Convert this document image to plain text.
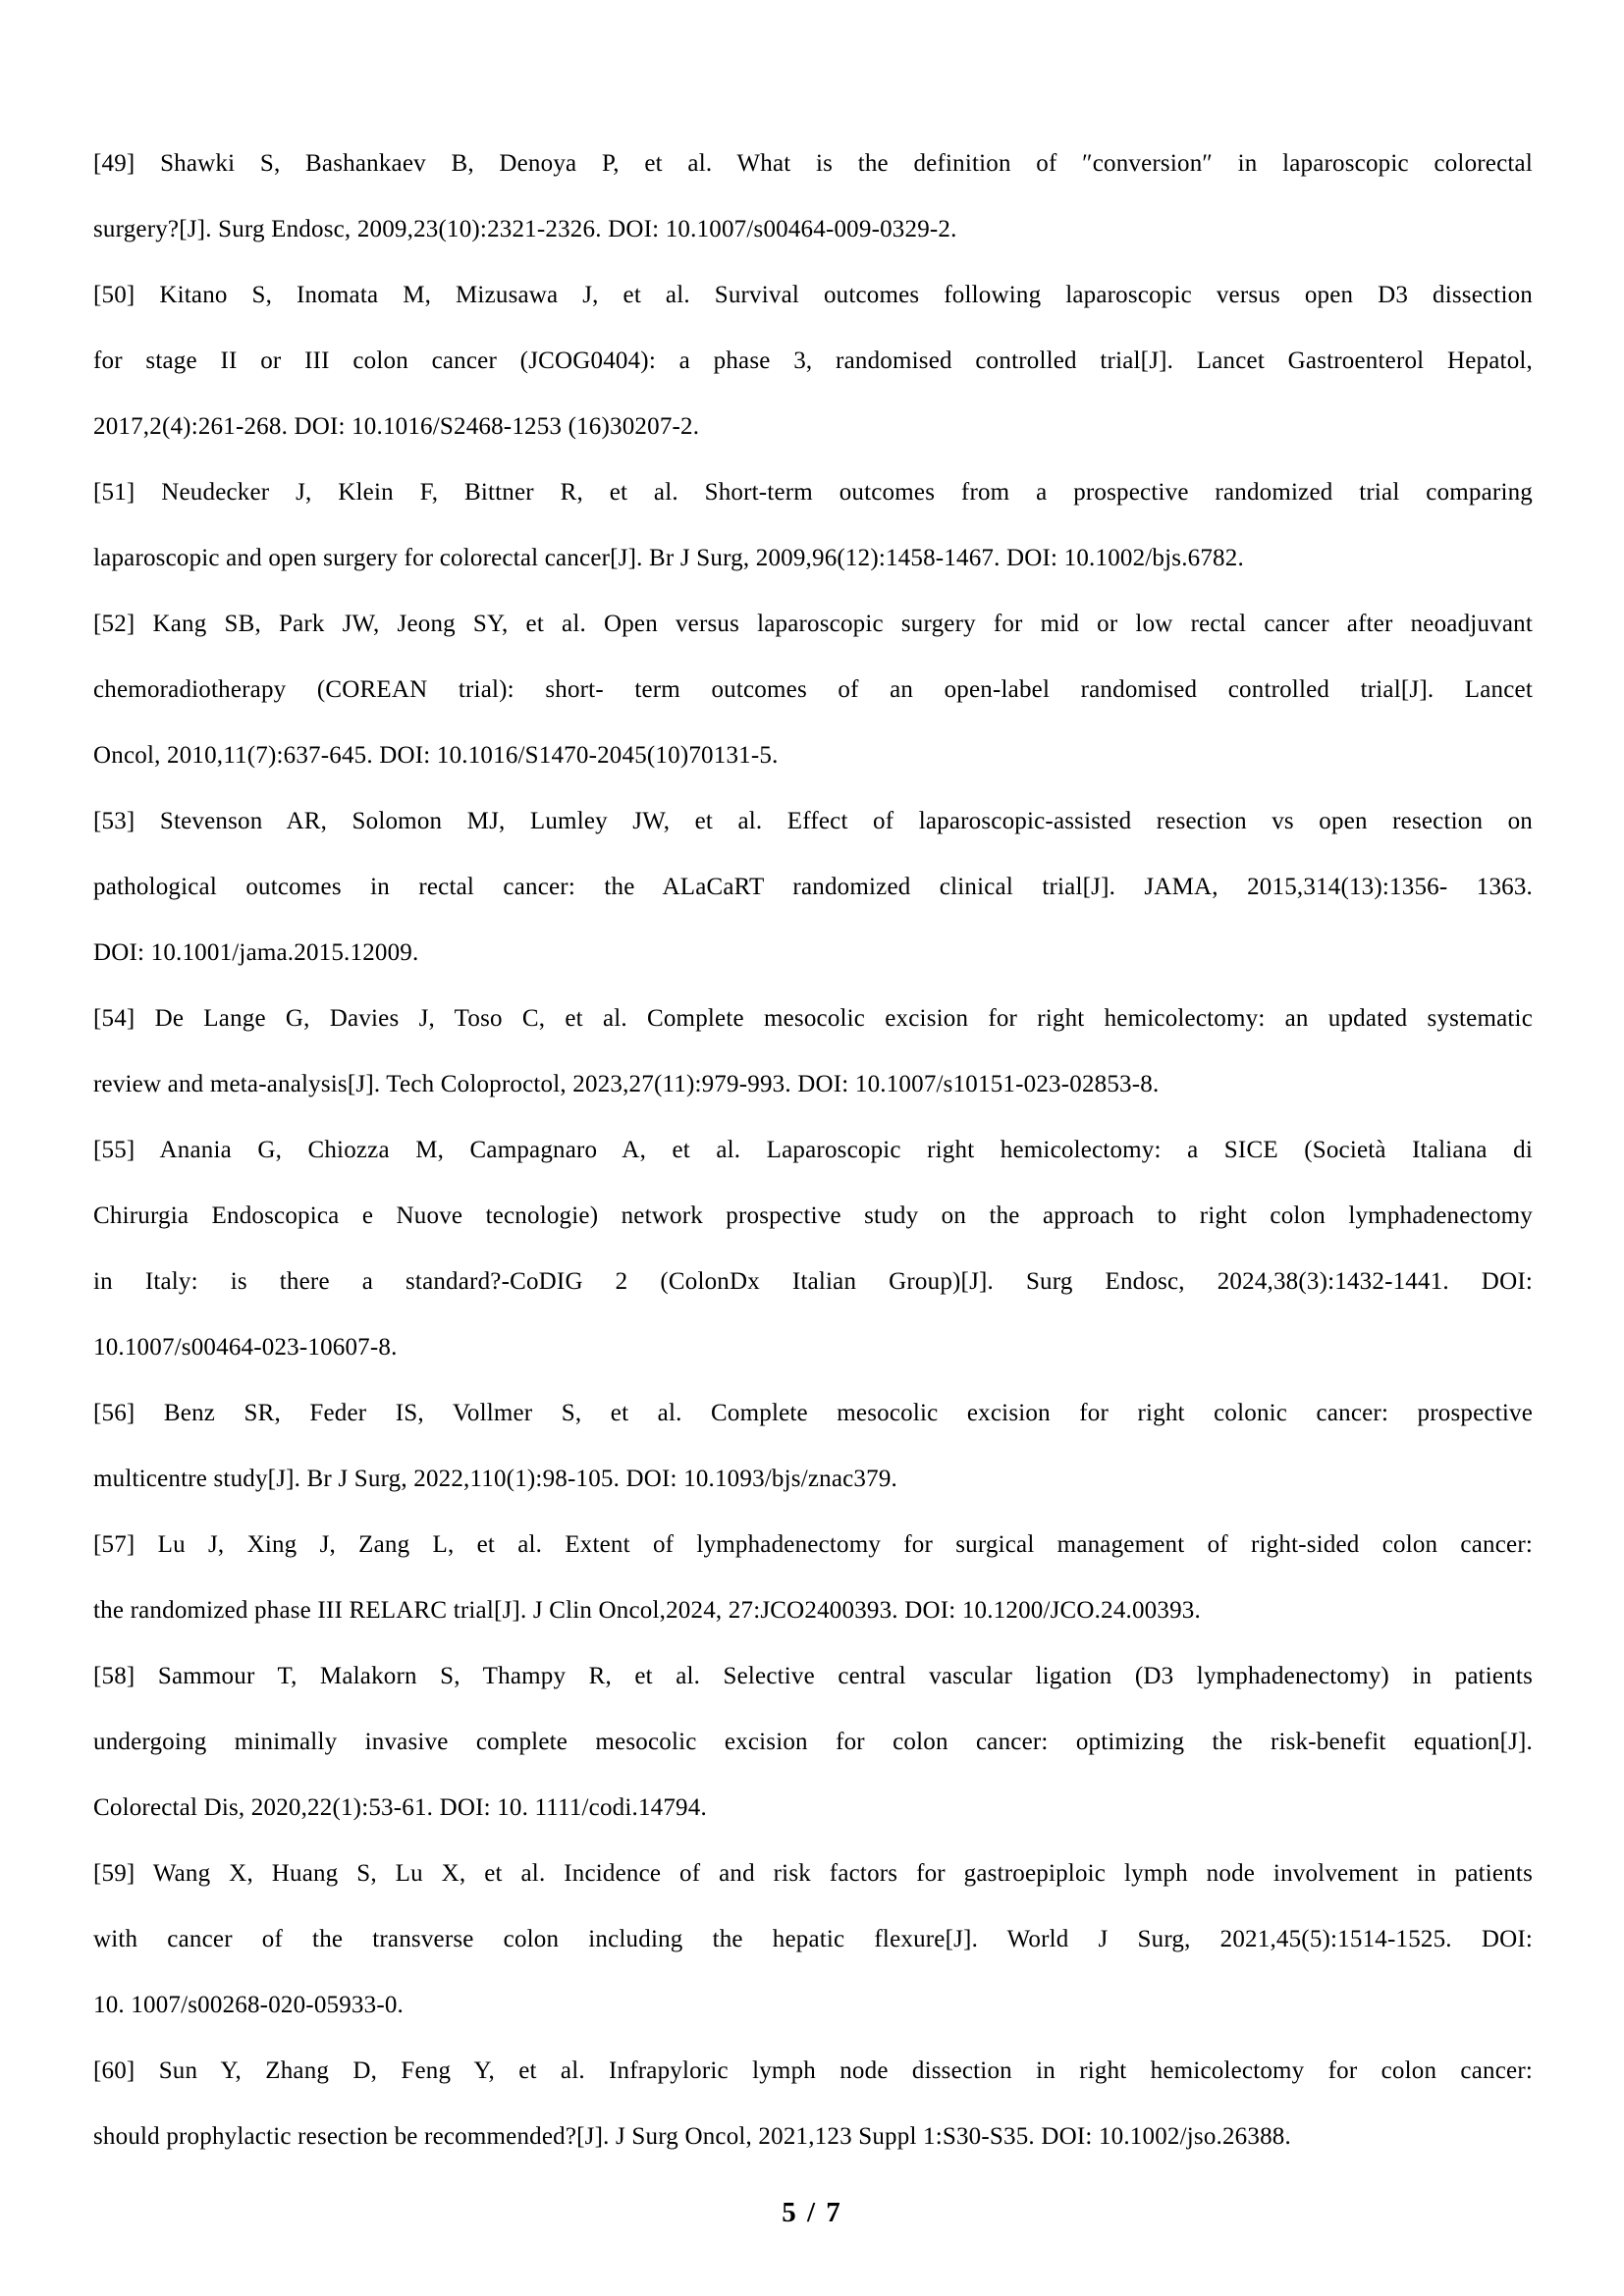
[49] Shawki S, Bashankaev B, Denoya P, et al. What is the definition of ″conversion″ in laparoscopic colorectal
surgery?[J]. Surg Endosc, 2009,23(10):2321-2326. DOI: 10.1007/s00464-009-0329-2.
[50] Kitano S, Inomata M, Mizusawa J, et al. Survival outcomes following laparoscopic versus open D3 dissection
for stage II or III colon cancer (JCOG0404): a phase 3, randomised controlled trial[J]. Lancet Gastroenterol Hepatol,
2017,2(4):261-268. DOI: 10.1016/S2468-1253 (16)30207-2.
[51] Neudecker J, Klein F, Bittner R, et al. Short-term outcomes from a prospective randomized trial comparing
laparoscopic and open surgery for colorectal cancer[J]. Br J Surg, 2009,96(12):1458-1467. DOI: 10.1002/bjs.6782.
[52] Kang SB, Park JW, Jeong SY, et al. Open versus laparoscopic surgery for mid or low rectal cancer after neoadjuvant
chemoradiotherapy (COREAN trial): short- term outcomes of an open-label randomised controlled trial[J]. Lancet
Oncol, 2010,11(7):637-645. DOI: 10.1016/S1470-2045(10)70131-5.
[53] Stevenson AR, Solomon MJ, Lumley JW, et al. Effect of laparoscopic-assisted resection vs open resection on
pathological outcomes in rectal cancer: the ALaCaRT randomized clinical trial[J]. JAMA, 2015,314(13):1356- 1363.
DOI: 10.1001/jama.2015.12009.
[54] De Lange G, Davies J, Toso C, et al. Complete mesocolic excision for right hemicolectomy: an updated systematic
review and meta-analysis[J]. Tech Coloproctol, 2023,27(11):979-993. DOI: 10.1007/s10151-023-02853-8.
[55] Anania G, Chiozza M, Campagnaro A, et al. Laparoscopic right hemicolectomy: a SICE (Società Italiana di
Chirurgia Endoscopica e Nuove tecnologie) network prospective study on the approach to right colon lymphadenectomy
in Italy: is there a standard?-CoDIG 2 (ColonDx Italian Group)[J]. Surg Endosc, 2024,38(3):1432-1441. DOI:
10.1007/s00464-023-10607-8.
[56] Benz SR, Feder IS, Vollmer S, et al. Complete mesocolic excision for right colonic cancer: prospective
multicentre study[J]. Br J Surg, 2022,110(1):98-105. DOI: 10.1093/bjs/znac379.
[57] Lu J, Xing J, Zang L, et al. Extent of lymphadenectomy for surgical management of right-sided colon cancer:
the randomized phase III RELARC trial[J]. J Clin Oncol,2024, 27:JCO2400393. DOI: 10.1200/JCO.24.00393.
[58] Sammour T, Malakorn S, Thampy R, et al. Selective central vascular ligation (D3 lymphadenectomy) in patients
undergoing minimally invasive complete mesocolic excision for colon cancer: optimizing the risk-benefit equation[J].
Colorectal Dis, 2020,22(1):53-61. DOI: 10. 1111/codi.14794.
[59] Wang X, Huang S, Lu X, et al. Incidence of and risk factors for gastroepiploic lymph node involvement in patients
with cancer of the transverse colon including the hepatic flexure[J]. World J Surg, 2021,45(5):1514-1525. DOI:
10. 1007/s00268-020-05933-0.
[60] Sun Y, Zhang D, Feng Y, et al. Infrapyloric lymph node dissection in right hemicolectomy for colon cancer:
should prophylactic resection be recommended?[J]. J Surg Oncol, 2021,123 Suppl 1:S30-S35. DOI: 10.1002/jso.26388.
5 / 7
